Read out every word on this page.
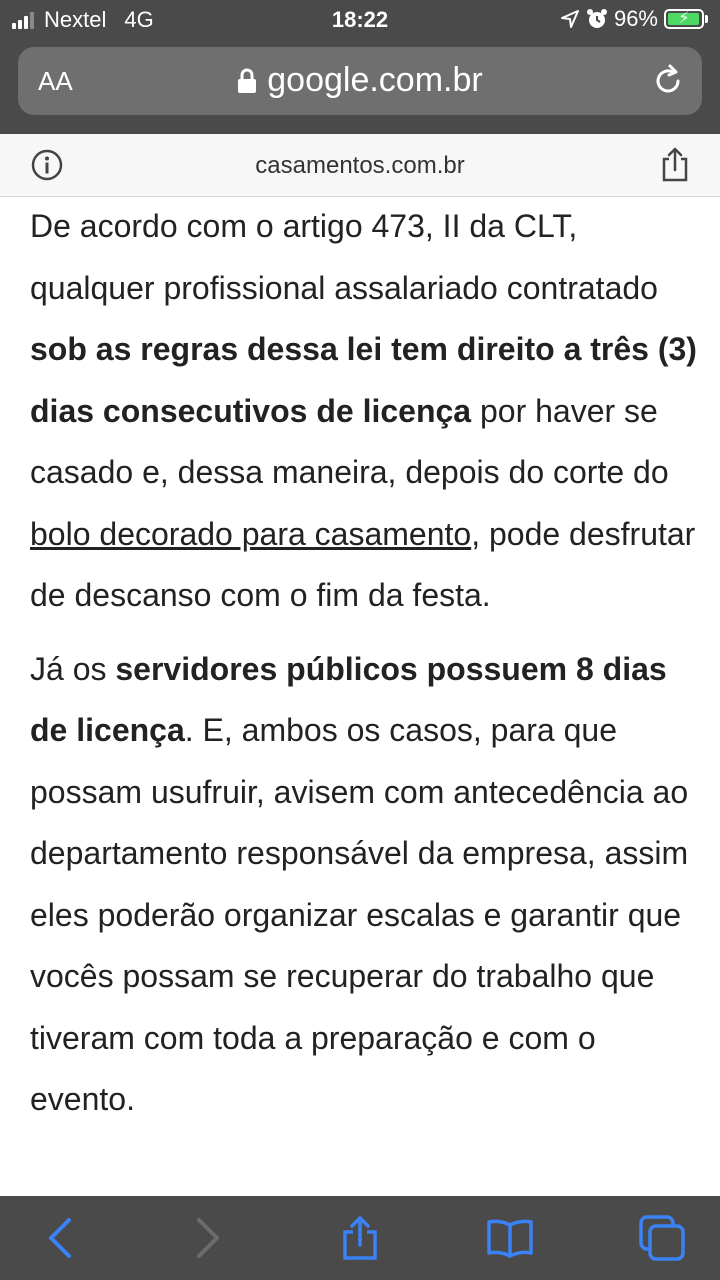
Nextel 4G	18:22	96%	⚡
AA	google.com.br
casamentos.com.br

De acordo com o artigo 473, II da CLT, qualquer profissional assalariado contratado sob as regras dessa lei tem direito a três (3) dias consecutivos de licença por haver se casado e, dessa maneira, depois do corte do bolo decorado para casamento, pode desfrutar de descanso com o fim da festa.

Já os servidores públicos possuem 8 dias de licença. E, ambos os casos, para que possam usufruir, avisem com antecedência ao departamento responsável da empresa, assim eles poderão organizar escalas e garantir que vocês possam se recuperar do trabalho que tiveram com toda a preparação e com o evento.
